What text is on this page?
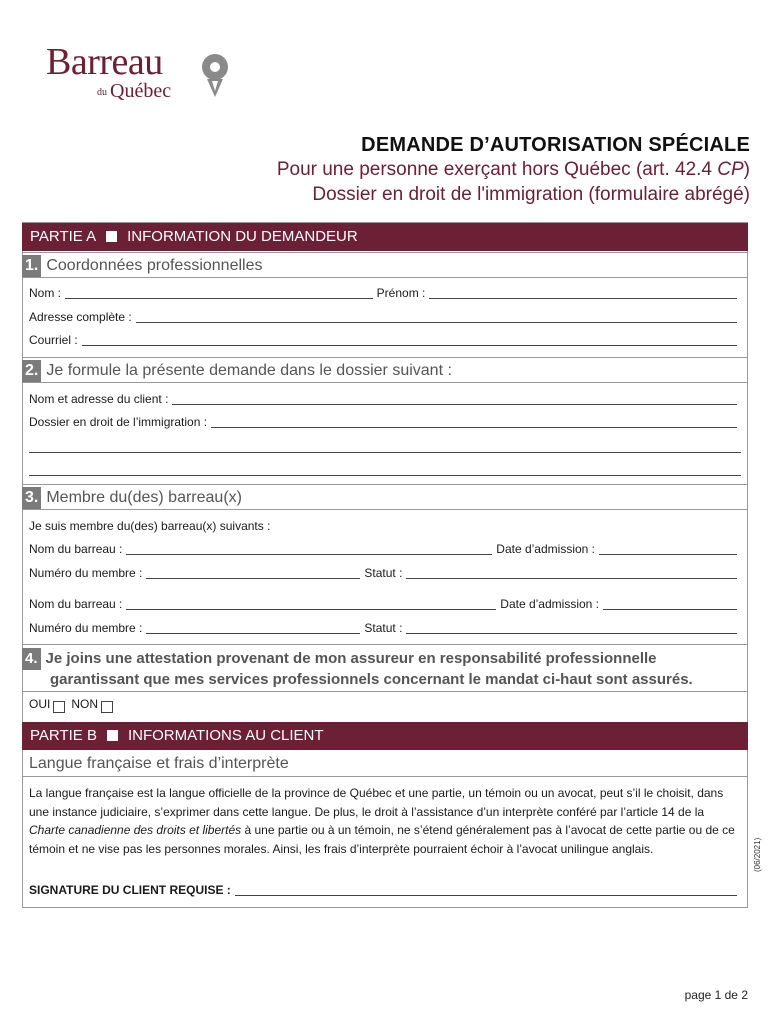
Barreau
du Québec
DEMANDE D’AUTORISATION SPÉCIALE
Pour une personne exerçant hors Québec (art. 42.4 CP)
Dossier en droit de l'immigration (formulaire abrégé)
PARTIE A INFORMATION DU DEMANDEUR
1. Coordonnées professionnelles
Nom :	Prénom :
Adresse complète :
Courriel :
2. Je formule la présente demande dans le dossier suivant :
Nom et adresse du client :
Dossier en droit de l’immigration :
3. Membre du(des) barreau(x)
Je suis membre du(des) barreau(x) suivants :
Nom du barreau :	Date d’admission :
Numéro du membre :	Statut :
Nom du barreau :	Date d’admission :
Numéro du membre :	Statut :
4. Je joins une attestation provenant de mon assureur en responsabilité professionnelle
garantissant que mes services professionnels concernant le mandat ci-haut sont assurés.
OUI NON
PARTIE B INFORMATIONS AU CLIENT
Langue française et frais d’interprète
La langue française est la langue officielle de la province de Québec et une partie, un témoin ou un avocat, peut s’il le choisit, dans une instance judiciaire, s’exprimer dans cette langue. De plus, le droit à l’assistance d’un interprète conféré par l’article 14 de la Charte canadienne des droits et libertés à une partie ou à un témoin, ne s’étend généralement pas à l’avocat de cette partie ou de ce témoin et ne vise pas les personnes morales. Ainsi, les frais d’interprète pourraient échoir à l’avocat unilingue anglais.
SIGNATURE DU CLIENT REQUISE :
(06/2021)
page 1 de 2
